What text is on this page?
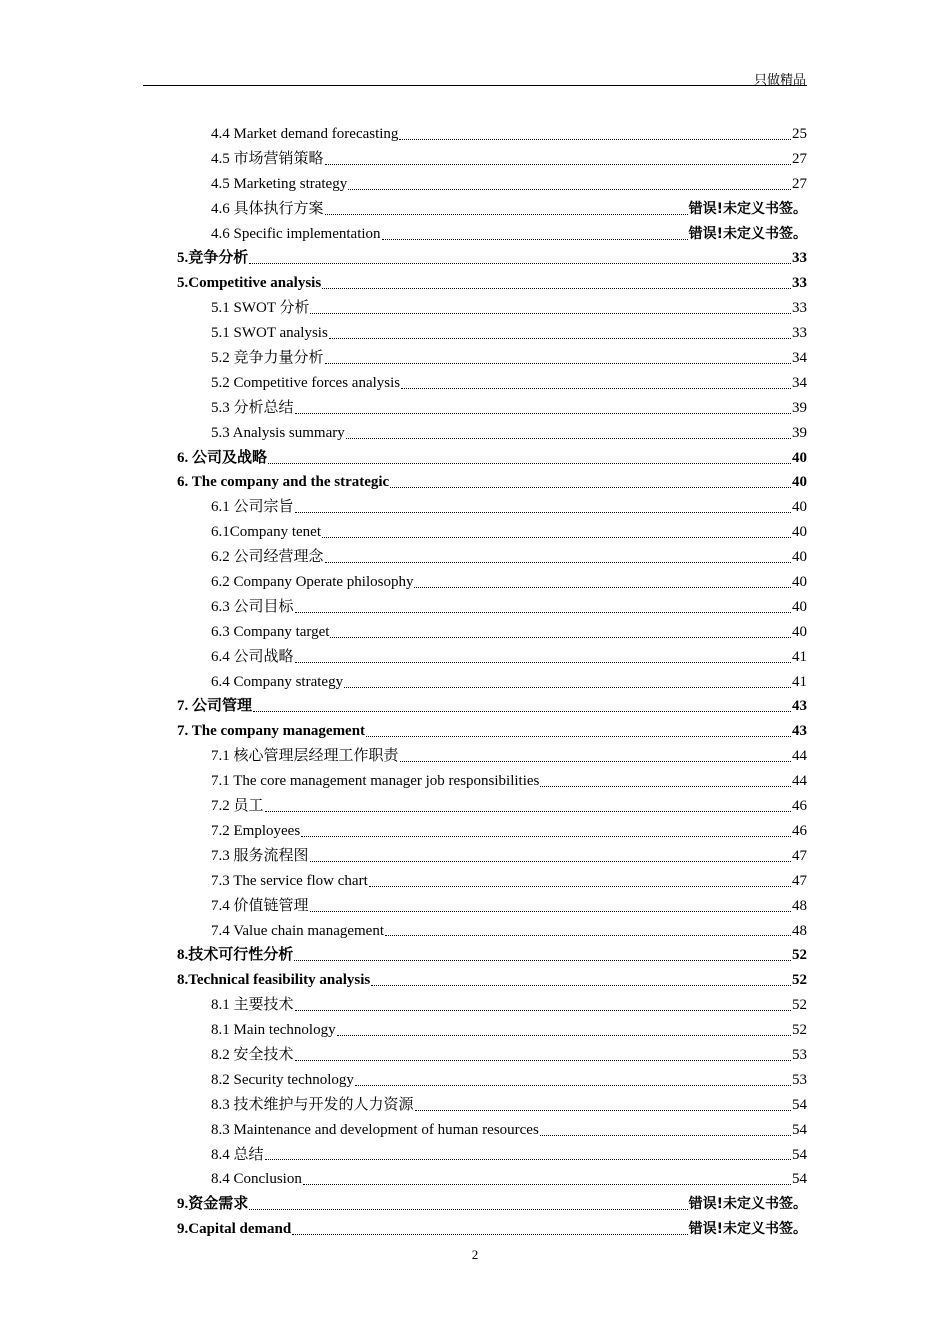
只做精品
4.4 Market demand forecasting	25
4.5 市场营销策略	27
4.5 Marketing strategy	27
4.6 具体执行方案	错误!未定义书签。
4.6 Specific implementation	错误!未定义书签。
5.竞争分析	33
5.Competitive analysis	33
5.1 SWOT 分析	33
5.1 SWOT analysis	33
5.2 竞争力量分析	34
5.2 Competitive forces analysis	34
5.3 分析总结	39
5.3 Analysis summary	39
6. 公司及战略	40
6. The company and the strategic	40
6.1 公司宗旨	40
6.1Company tenet	40
6.2 公司经营理念	40
6.2 Company Operate philosophy	40
6.3 公司目标	40
6.3 Company target	40
6.4 公司战略	41
6.4 Company strategy	41
7. 公司管理	43
7. The company management	43
7.1 核心管理层经理工作职责	44
7.1 The core management manager job responsibilities	44
7.2 员工	46
7.2 Employees	46
7.3 服务流程图	47
7.3 The service flow chart	47
7.4 价值链管理	48
7.4 Value chain management	48
8.技术可行性分析	52
8.Technical feasibility analysis	52
8.1 主要技术	52
8.1 Main technology	52
8.2 安全技术	53
8.2 Security technology	53
8.3 技术维护与开发的人力资源	54
8.3 Maintenance and development of human resources	54
8.4 总结	54
8.4 Conclusion	54
9.资金需求	错误!未定义书签。
9.Capital demand	错误!未定义书签。
2
